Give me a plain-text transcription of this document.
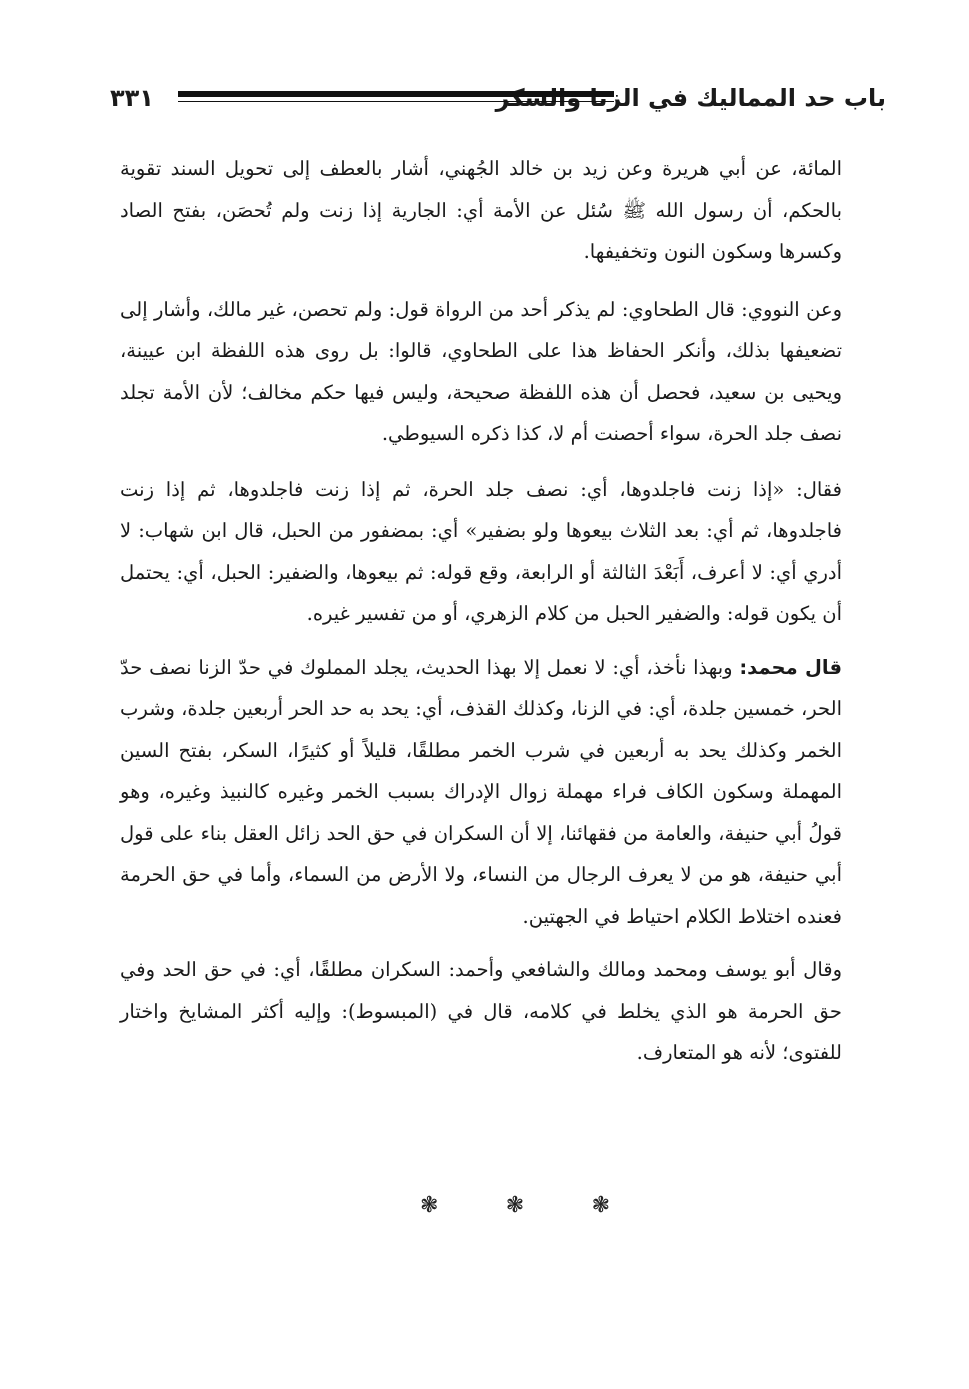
باب حد المماليك في الزنا والسكر
٣٣١

المائة، عن أبي هريرة وعن زيد بن خالد الجُهني، أشار بالعطف إلى تحويل السند تقوية بالحكم، أن رسول الله ﷺ سُئل عن الأمة أي: الجارية إذا زنت ولم تُحصَن، بفتح الصاد وكسرها وسكون النون وتخفيفها.

وعن النووي: قال الطحاوي: لم يذكر أحد من الرواة قول: ولم تحصن، غير مالك، وأشار إلى تضعيفها بذلك، وأنكر الحفاظ هذا على الطحاوي، قالوا: بل روى هذه اللفظة ابن عيينة، ويحيى بن سعيد، فحصل أن هذه اللفظة صحيحة، وليس فيها حكم مخالف؛ لأن الأمة تجلد نصف جلد الحرة، سواء أحصنت أم لا، كذا ذكره السيوطي.

فقال: «إذا زنت فاجلدوها، أي: نصف جلد الحرة، ثم إذا زنت فاجلدوها، ثم إذا زنت فاجلدوها، ثم أي: بعد الثلاث بيعوها ولو بضفير» أي: بمضفور من الحبل، قال ابن شهاب: لا أدري أي: لا أعرف، أَبَعْدَ الثالثة أو الرابعة، وقع قوله: ثم بيعوها، والضفير: الحبل، أي: يحتمل أن يكون قوله: والضفير الحبل من كلام الزهري، أو من تفسير غيره.

قال محمد: وبهذا نأخذ، أي: لا نعمل إلا بهذا الحديث، يجلد المملوك في حدّ الزنا نصف حدّ الحر، خمسين جلدة، أي: في الزنا، وكذلك القذف، أي: يحد به حد الحر أربعين جلدة، وشرب الخمر وكذلك يحد به أربعين في شرب الخمر مطلقًا، قليلاً أو كثيرًا، السكر، بفتح السين المهملة وسكون الكاف فراء مهملة زوال الإدراك بسبب الخمر وغيره كالنبيذ وغيره، وهو قولُ أبي حنيفة، والعامة من فقهائنا، إلا أن السكران في حق الحد زائل العقل بناء على قول أبي حنيفة، هو من لا يعرف الرجال من النساء، ولا الأرض من السماء، وأما في حق الحرمة فعنده اختلاط الكلام احتياط في الجهتين.

وقال أبو يوسف ومحمد ومالك والشافعي وأحمد: السكران مطلقًا، أي: في حق الحد وفي حق الحرمة هو الذي يخلط في كلامه، قال في (المبسوط): وإليه أكثر المشايخ واختار للفتوى؛ لأنه هو المتعارف.

❃	❃	❃
